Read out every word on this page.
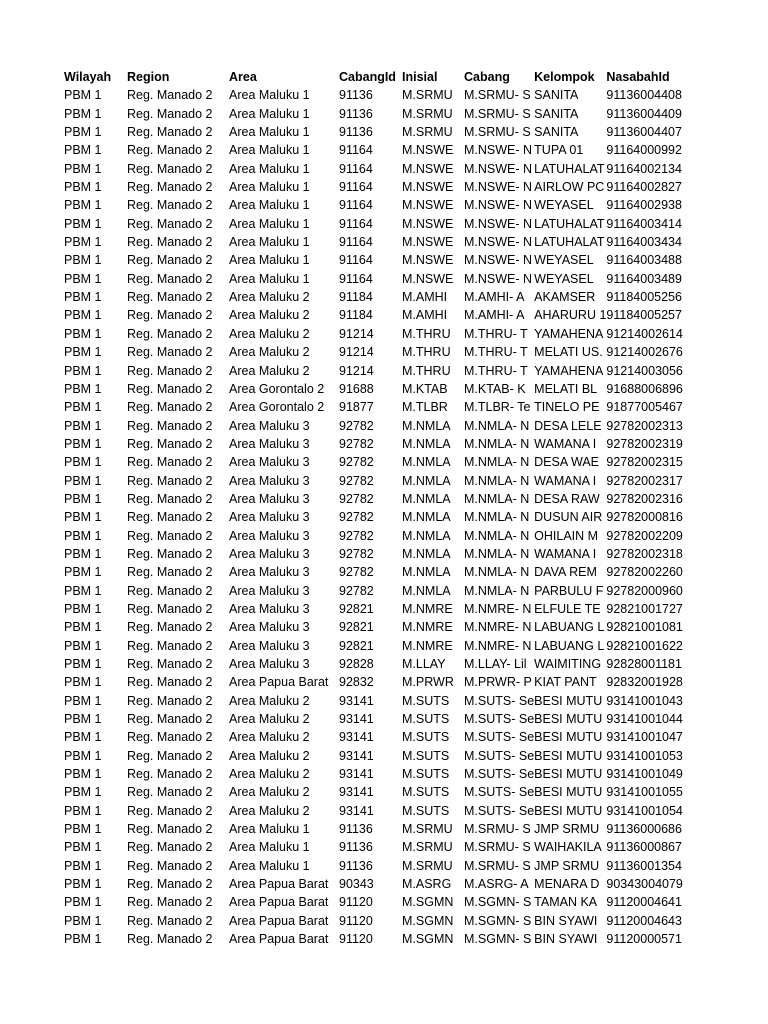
	Wilayah	Region	Area	CabangId	Inisial	Cabang	Kelompok	NasabahId
	PBM 1	Reg. Manado 2	Area Maluku 1	91136	M.SRMU	M.SRMU- S	SANITA	91136004408
	PBM 1	Reg. Manado 2	Area Maluku 1	91136	M.SRMU	M.SRMU- S	SANITA	91136004409
	PBM 1	Reg. Manado 2	Area Maluku 1	91136	M.SRMU	M.SRMU- S	SANITA	91136004407
	PBM 1	Reg. Manado 2	Area Maluku 1	91164	M.NSWE	M.NSWE- N	TUPA 01	91164000992
	PBM 1	Reg. Manado 2	Area Maluku 1	91164	M.NSWE	M.NSWE- N	LATUHALAT	91164002134
	PBM 1	Reg. Manado 2	Area Maluku 1	91164	M.NSWE	M.NSWE- N	AIRLOW PC	91164002827
	PBM 1	Reg. Manado 2	Area Maluku 1	91164	M.NSWE	M.NSWE- N	WEYASEL	91164002938
	PBM 1	Reg. Manado 2	Area Maluku 1	91164	M.NSWE	M.NSWE- N	LATUHALAT	91164003414
	PBM 1	Reg. Manado 2	Area Maluku 1	91164	M.NSWE	M.NSWE- N	LATUHALAT	91164003434
	PBM 1	Reg. Manado 2	Area Maluku 1	91164	M.NSWE	M.NSWE- N	WEYASEL	91164003488
	PBM 1	Reg. Manado 2	Area Maluku 1	91164	M.NSWE	M.NSWE- N	WEYASEL	91164003489
	PBM 1	Reg. Manado 2	Area Maluku 2	91184	M.AMHI	M.AMHI- A	AKAMSER	91184005256
	PBM 1	Reg. Manado 2	Area Maluku 2	91184	M.AMHI	M.AMHI- A	AHARURU 1	91184005257
	PBM 1	Reg. Manado 2	Area Maluku 2	91214	M.THRU	M.THRU- T	YAMAHENA	91214002614
	PBM 1	Reg. Manado 2	Area Maluku 2	91214	M.THRU	M.THRU- T	MELATI US.	91214002676
	PBM 1	Reg. Manado 2	Area Maluku 2	91214	M.THRU	M.THRU- T	YAMAHENA	91214003056
	PBM 1	Reg. Manado 2	Area Gorontalo 2	91688	M.KTAB	M.KTAB- K	MELATI BL	91688006896
	PBM 1	Reg. Manado 2	Area Gorontalo 2	91877	M.TLBR	M.TLBR- Te	TINELO PE	91877005467
	PBM 1	Reg. Manado 2	Area Maluku 3	92782	M.NMLA	M.NMLA- N	DESA LELE	92782002313
	PBM 1	Reg. Manado 2	Area Maluku 3	92782	M.NMLA	M.NMLA- N	WAMANA I	92782002319
	PBM 1	Reg. Manado 2	Area Maluku 3	92782	M.NMLA	M.NMLA- N	DESA WAE	92782002315
	PBM 1	Reg. Manado 2	Area Maluku 3	92782	M.NMLA	M.NMLA- N	WAMANA I	92782002317
	PBM 1	Reg. Manado 2	Area Maluku 3	92782	M.NMLA	M.NMLA- N	DESA RAW	92782002316
	PBM 1	Reg. Manado 2	Area Maluku 3	92782	M.NMLA	M.NMLA- N	DUSUN AIR	92782000816
	PBM 1	Reg. Manado 2	Area Maluku 3	92782	M.NMLA	M.NMLA- N	OHILAIN M	92782002209
	PBM 1	Reg. Manado 2	Area Maluku 3	92782	M.NMLA	M.NMLA- N	WAMANA I	92782002318
	PBM 1	Reg. Manado 2	Area Maluku 3	92782	M.NMLA	M.NMLA- N	DAVA REM	92782002260
	PBM 1	Reg. Manado 2	Area Maluku 3	92782	M.NMLA	M.NMLA- N	PARBULU F	92782000960
	PBM 1	Reg. Manado 2	Area Maluku 3	92821	M.NMRE	M.NMRE- N	ELFULE TE	92821001727
	PBM 1	Reg. Manado 2	Area Maluku 3	92821	M.NMRE	M.NMRE- N	LABUANG L	92821001081
	PBM 1	Reg. Manado 2	Area Maluku 3	92821	M.NMRE	M.NMRE- N	LABUANG L	92821001622
	PBM 1	Reg. Manado 2	Area Maluku 3	92828	M.LLAY	M.LLAY- Lil	WAIMITING	92828001181
	PBM 1	Reg. Manado 2	Area Papua Barat	92832	M.PRWR	M.PRWR- P	KIAT PANT	92832001928
	PBM 1	Reg. Manado 2	Area Maluku 2	93141	M.SUTS	M.SUTS- Se	BESI MUTU	93141001043
	PBM 1	Reg. Manado 2	Area Maluku 2	93141	M.SUTS	M.SUTS- Se	BESI MUTU	93141001044
	PBM 1	Reg. Manado 2	Area Maluku 2	93141	M.SUTS	M.SUTS- Se	BESI MUTU	93141001047
	PBM 1	Reg. Manado 2	Area Maluku 2	93141	M.SUTS	M.SUTS- Se	BESI MUTU	93141001053
	PBM 1	Reg. Manado 2	Area Maluku 2	93141	M.SUTS	M.SUTS- Se	BESI MUTU	93141001049
	PBM 1	Reg. Manado 2	Area Maluku 2	93141	M.SUTS	M.SUTS- Se	BESI MUTU	93141001055
	PBM 1	Reg. Manado 2	Area Maluku 2	93141	M.SUTS	M.SUTS- Se	BESI MUTU	93141001054
	PBM 1	Reg. Manado 2	Area Maluku 1	91136	M.SRMU	M.SRMU- S	JMP SRMU	91136000686
	PBM 1	Reg. Manado 2	Area Maluku 1	91136	M.SRMU	M.SRMU- S	WAIHAKILA	91136000867
	PBM 1	Reg. Manado 2	Area Maluku 1	91136	M.SRMU	M.SRMU- S	JMP SRMU	91136001354
	PBM 1	Reg. Manado 2	Area Papua Barat	90343	M.ASRG	M.ASRG- A	MENARA D	90343004079
	PBM 1	Reg. Manado 2	Area Papua Barat	91120	M.SGMN	M.SGMN- S	TAMAN KA	91120004641
	PBM 1	Reg. Manado 2	Area Papua Barat	91120	M.SGMN	M.SGMN- S	BIN SYAWI	91120004643
	PBM 1	Reg. Manado 2	Area Papua Barat	91120	M.SGMN	M.SGMN- S	BIN SYAWI	91120000571
